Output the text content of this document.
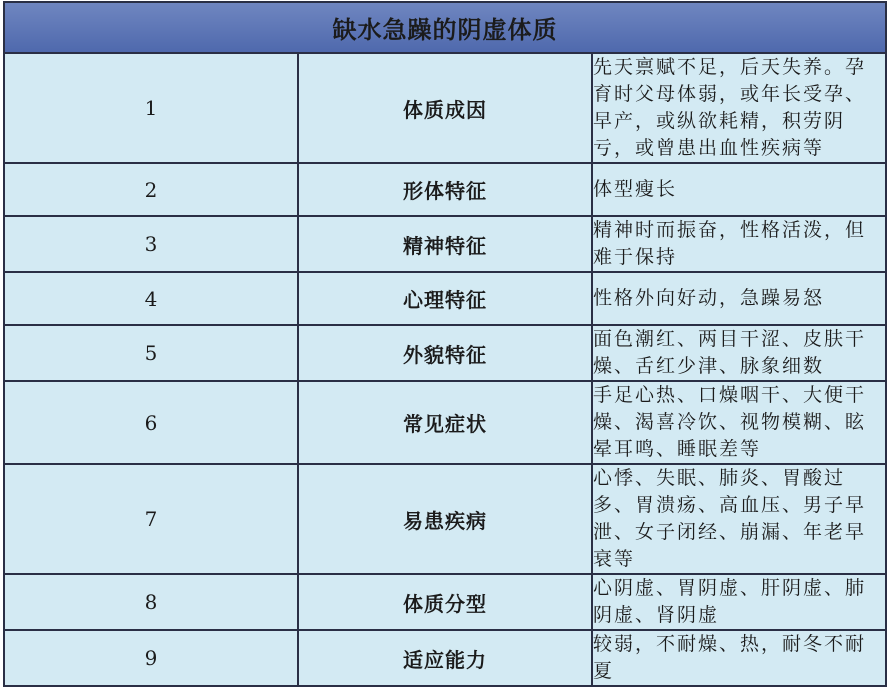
缺水急躁的阴虚体质		
1	体质成因	先天禀赋不足，后天失养。孕育时父母体弱，或年长受孕、早产，或纵欲耗精，积劳阴亏，或曾患出血性疾病等
2	形体特征	体型瘦长
3	精神特征	精神时而振奋，性格活泼，但难于保持
4	心理特征	性格外向好动，急躁易怒
5	外貌特征	面色潮红、两目干涩、皮肤干燥、舌红少津、脉象细数
6	常见症状	手足心热、口燥咽干、大便干燥、渴喜冷饮、视物模糊、眩晕耳鸣、睡眠差等
7	易患疾病	心悸、失眠、肺炎、胃酸过多、胃溃疡、高血压、男子早泄、女子闭经、崩漏、年老早衰等
8	体质分型	心阴虚、胃阴虚、肝阴虚、肺阴虚、肾阴虚
9	适应能力	较弱，不耐燥、热，耐冬不耐夏
